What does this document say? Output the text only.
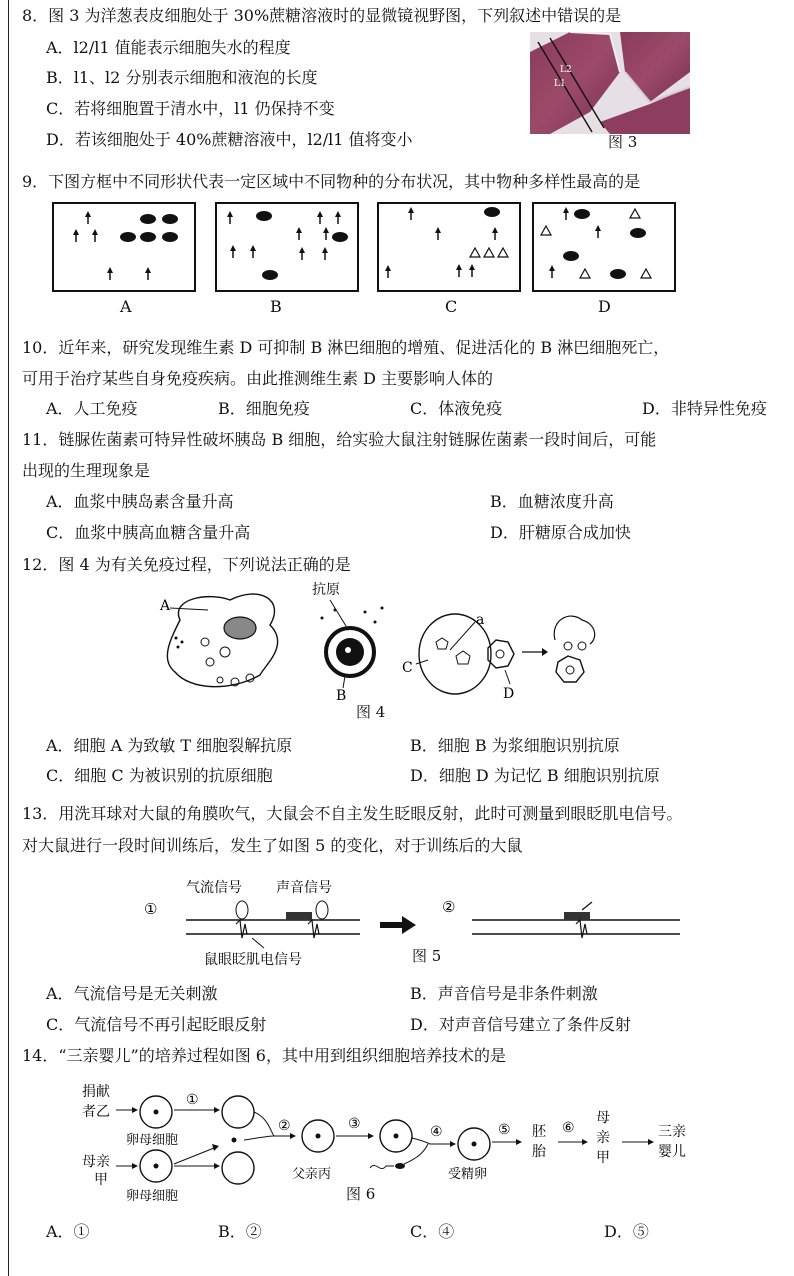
8．图 3 为洋葱表皮细胞处于 30%蔗糖溶液时的显微镜视野图，下列叙述中错误的是
A．l2/l1 值能表示细胞失水的程度
B．l1、l2 分别表示细胞和液泡的长度
C．若将细胞置于清水中，l1 仍保持不变
D．若该细胞处于 40%蔗糖溶液中，l2/l1 值将变小
L2
L1
图 3
9．下图方框中不同形状代表一定区域中不同物种的分布状况，其中物种多样性最高的是
A	B	C	D
10．近年来，研究发现维生素 D 可抑制 B 淋巴细胞的增殖、促进活化的 B 淋巴细胞死亡，
可用于治疗某些自身免疫疾病。由此推测维生素 D 主要影响人体的
A．人工免疫	B．细胞免疫	C．体液免疫	D．非特异性免疫
11．链脲佐菌素可特异性破坏胰岛 B 细胞，给实验大鼠注射链脲佐菌素一段时间后，可能
出现的生理现象是
A．血浆中胰岛素含量升高	B．血糖浓度升高
C．血浆中胰高血糖含量升高	D．肝糖原合成加快
12．图 4 为有关免疫过程，下列说法正确的是
A
抗原
B
a
C
D
图 4
A．细胞 A 为致敏 T 细胞裂解抗原	B．细胞 B 为浆细胞识别抗原
C．细胞 C 为被识别的抗原细胞	D．细胞 D 为记忆 B 细胞识别抗原
13．用洗耳球对大鼠的角膜吹气，大鼠会不自主发生眨眼反射，此时可测量到眼眨肌电信号。
对大鼠进行一段时间训练后，发生了如图 5 的变化，对于训练后的大鼠
①
气流信号 声音信号
鼠眼眨肌电信号
②
图 5
A．气流信号是无关刺激	B．声音信号是非条件刺激
C．气流信号不再引起眨眼反射	D．对声音信号建立了条件反射
14．“三亲婴儿”的培养过程如图 6，其中用到组织细胞培养技术的是
捐献
者乙
卵母细胞
①
母亲
甲
卵母细胞
②	③
父亲丙
④
受精卵
⑤ 胚
胎
⑥
母
亲
甲
三亲
婴儿
图 6
A．①	B．②	C．④	D．⑤
